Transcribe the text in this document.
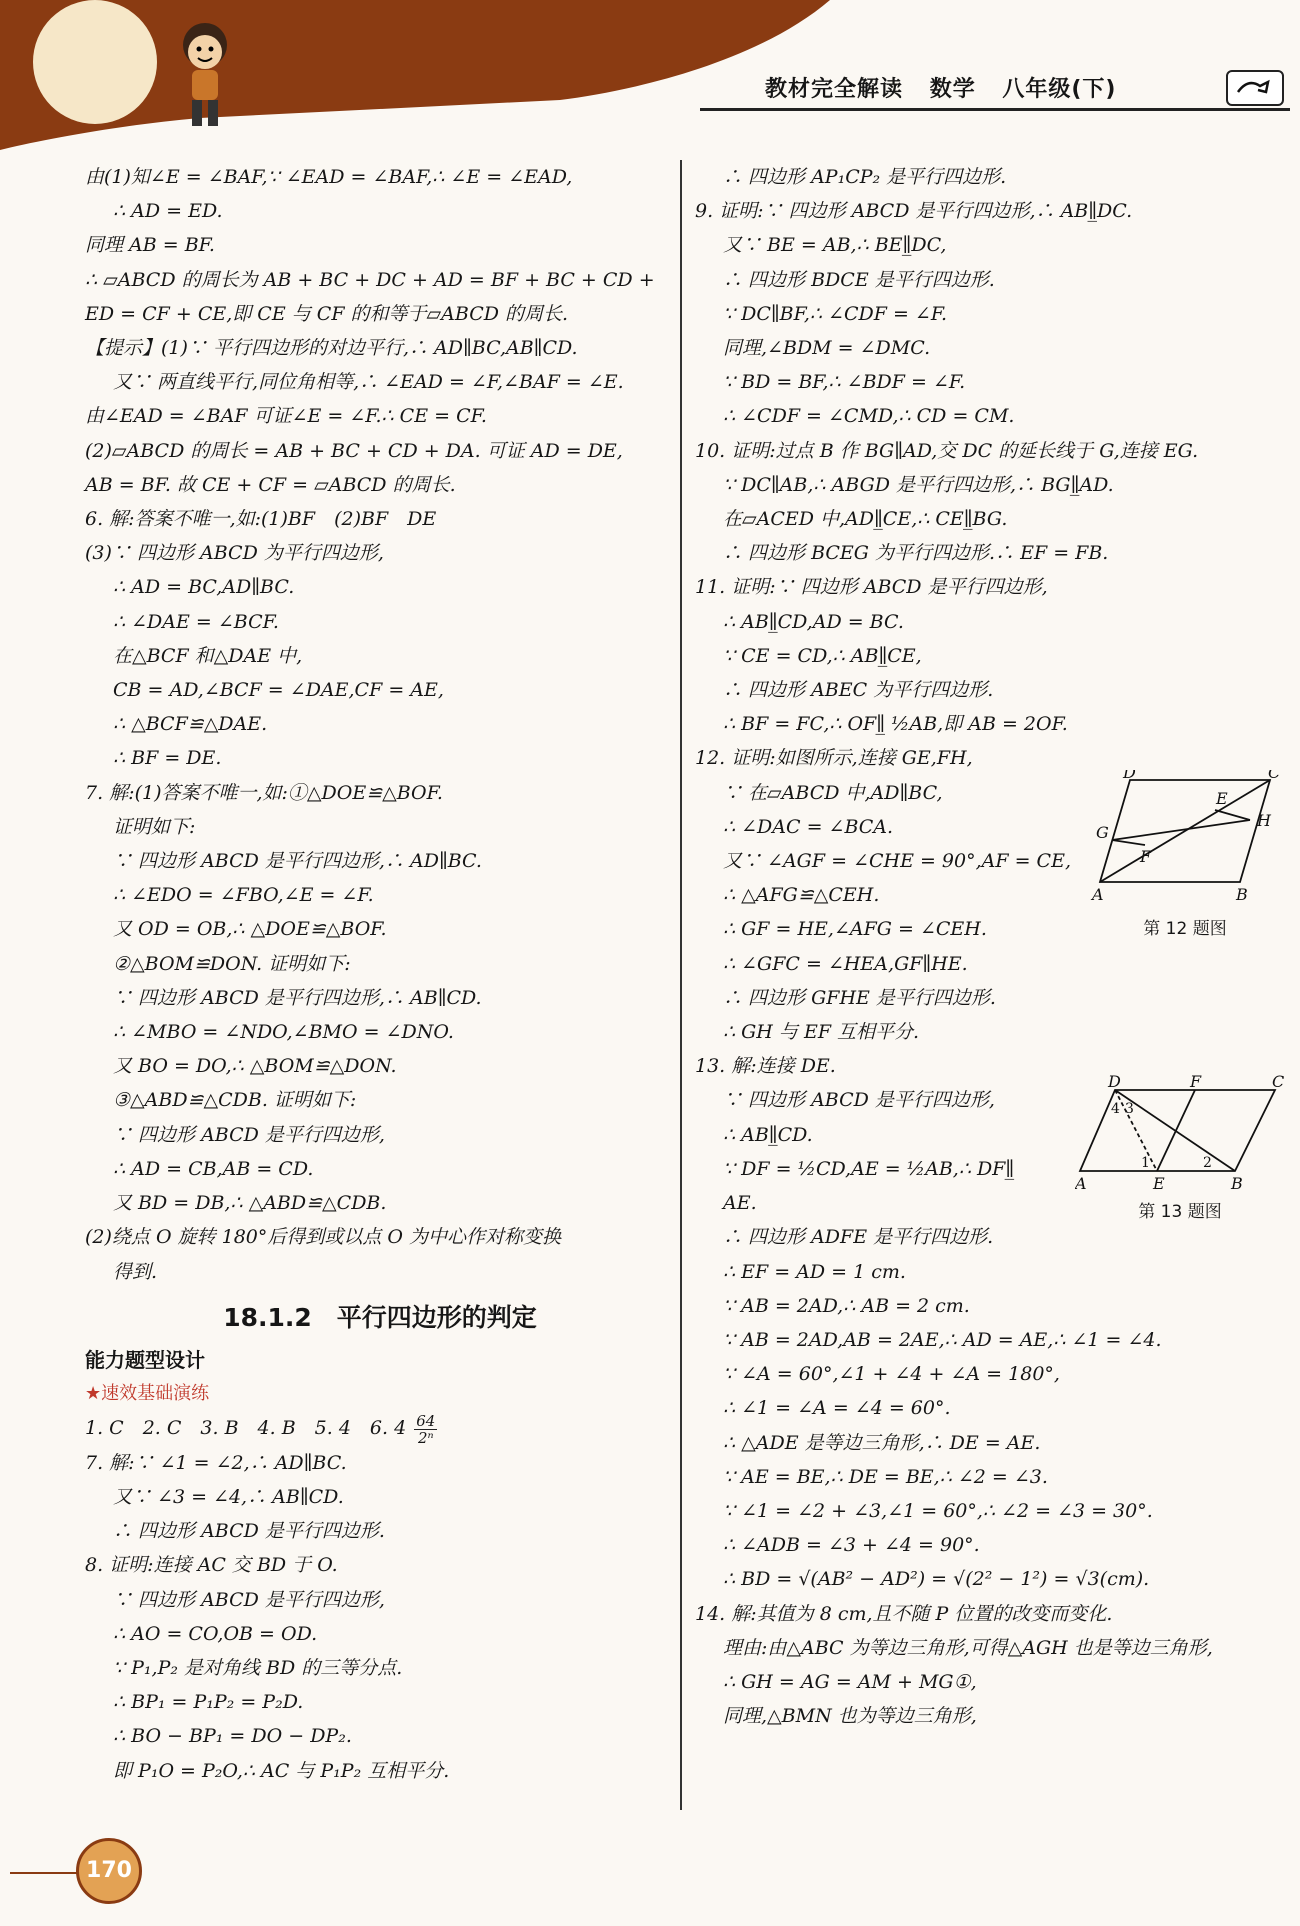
教材完全解读 数学 八年级(下)
由(1)知∠E = ∠BAF,∵ ∠EAD = ∠BAF,∴ ∠E = ∠EAD,
∴ AD = ED.
同理 AB = BF.
∴ ▱ABCD 的周长为 AB + BC + DC + AD = BF + BC + CD +
ED = CF + CE,即 CE 与 CF 的和等于▱ABCD 的周长.
【提示】(1)∵ 平行四边形的对边平行,∴ AD∥BC,AB∥CD.
又∵ 两直线平行,同位角相等,∴ ∠EAD = ∠F,∠BAF = ∠E.
由∠EAD = ∠BAF 可证∠E = ∠F.∴ CE = CF.
(2)▱ABCD 的周长 = AB + BC + CD + DA. 可证 AD = DE,
AB = BF. 故 CE + CF = ▱ABCD 的周长.
6. 解:答案不唯一,如:(1)BF　(2)BF　DE
(3)∵ 四边形 ABCD 为平行四边形,
∴ AD = BC,AD∥BC.
∴ ∠DAE = ∠BCF.
在△BCF 和△DAE 中,
CB = AD,∠BCF = ∠DAE,CF = AE,
∴ △BCF≌△DAE.
∴ BF = DE.
7. 解:(1)答案不唯一,如:①△DOE≌△BOF.
证明如下:
∵ 四边形 ABCD 是平行四边形,∴ AD∥BC.
∴ ∠EDO = ∠FBO,∠E = ∠F.
又 OD = OB,∴ △DOE≌△BOF.
②△BOM≌DON. 证明如下:
∵ 四边形 ABCD 是平行四边形,∴ AB∥CD.
∴ ∠MBO = ∠NDO,∠BMO = ∠DNO.
又 BO = DO,∴ △BOM≌△DON.
③△ABD≌△CDB. 证明如下:
∵ 四边形 ABCD 是平行四边形,
∴ AD = CB,AB = CD.
又 BD = DB,∴ △ABD≌△CDB.
(2)绕点 O 旋转 180°后得到或以点 O 为中心作对称变换
得到.
18.1.2　平行四边形的判定
能力题型设计
★速效基础演练
1. C　2. C　3. B　4. B　5. 4　6. $4 \frac{64}{\text{2ⁿ}}$
7. 解:∵ ∠1 = ∠2,∴ AD∥BC.
又∵ ∠3 = ∠4,∴ AB∥CD.
∴ 四边形 ABCD 是平行四边形.
8. 证明:连接 AC 交 BD 于 O.
∵ 四边形 ABCD 是平行四边形,
∴ AO = CO,OB = OD.
∵ P₁,P₂ 是对角线 BD 的三等分点.
∴ BP₁ = P₁P₂ = P₂D.
∴ BO − BP₁ = DO − DP₂.
即 P₁O = P₂O,∴ AC 与 P₁P₂ 互相平分.
∴ 四边形 AP₁CP₂ 是平行四边形.
9. 证明:∵ 四边形 ABCD 是平行四边形,∴ AB∥̲DC.
又∵ BE = AB,∴ BE∥̲DC,
∴ 四边形 BDCE 是平行四边形.
∵ DC∥BF,∴ ∠CDF = ∠F.
同理,∠BDM = ∠DMC.
∵ BD = BF,∴ ∠BDF = ∠F.
∴ ∠CDF = ∠CMD,∴ CD = CM.
10. 证明:过点 B 作 BG∥AD,交 DC 的延长线于 G,连接 EG.
∵ DC∥AB,∴ ABGD 是平行四边形,∴ BG∥̲AD.
在▱ACED 中,AD∥̲CE,∴ CE∥̲BG.
∴ 四边形 BCEG 为平行四边形.∴ EF = FB.
11. 证明:∵ 四边形 ABCD 是平行四边形,
∴ AB∥̲CD,AD = BC.
∵ CE = CD,∴ AB∥̲CE,
∴ 四边形 ABEC 为平行四边形.
∴ BF = FC,∴ OF∥̲ ½AB,即 AB = 2OF.
12. 证明:如图所示,连接 GE,FH,
∵ 在▱ABCD 中,AD∥BC,
∴ ∠DAC = ∠BCA.
又∵ ∠AGF = ∠CHE = 90°,AF = CE,
∴ △AFG≌△CEH.
∴ GF = HE,∠AFG = ∠CEH.
∴ ∠GFC = ∠HEA,GF∥HE.
∴ 四边形 GFHE 是平行四边形.
∴ GH 与 EF 互相平分.
13. 解:连接 DE.
∵ 四边形 ABCD 是平行四边形,
∴ AB∥̲CD.
∵ DF = ½CD,AE = ½AB,∴ DF∥̲
AE.
∴ 四边形 ADFE 是平行四边形.
∴ EF = AD = 1 cm.
∵ AB = 2AD,∴ AB = 2 cm.
∵ AB = 2AD,AB = 2AE,∴ AD = AE,∴ ∠1 = ∠4.
∵ ∠A = 60°,∠1 + ∠4 + ∠A = 180°,
∴ ∠1 = ∠A = ∠4 = 60°.
∴ △ADE 是等边三角形,∴ DE = AE.
∵ AE = BE,∴ DE = BE,∴ ∠2 = ∠3.
∵ ∠1 = ∠2 + ∠3,∠1 = 60°,∴ ∠2 = ∠3 = 30°.
∴ ∠ADB = ∠3 + ∠4 = 90°.
∴ BD = √(AB² − AD²) = √(2² − 1²) = √3(cm).
14. 解:其值为 8 cm,且不随 P 位置的改变而变化.
理由:由△ABC 为等边三角形,可得△AGH 也是等边三角形,
∴ GH = AG = AM + MG①,
同理,△BMN 也为等边三角形,
D	C
E
H
G
F
A	B
第 12 题图
D	F	C
A	E	B
4 3
1	2
第 13 题图
170
